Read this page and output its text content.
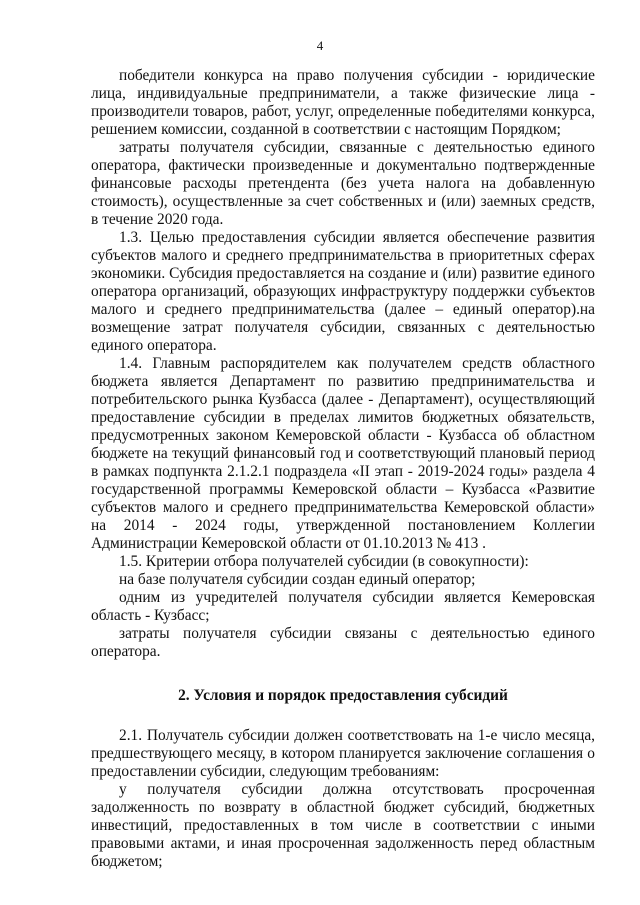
4

победители конкурса на право получения субсидии - юридические лица, индивидуальные предприниматели, а также физические лица - производители товаров, работ, услуг, определенные победителями конкурса, решением комиссии, созданной в соответствии с настоящим Порядком;

затраты получателя субсидии, связанные с деятельностью единого оператора, фактически произведенные и документально подтвержденные финансовые расходы претендента (без учета налога на добавленную стоимость), осуществленные за счет собственных и (или) заемных средств, в течение 2020 года.

1.3. Целью предоставления субсидии является обеспечение развития субъектов малого и среднего предпринимательства в приоритетных сферах экономики. Субсидия предоставляется на создание и (или) развитие единого оператора организаций, образующих инфраструктуру поддержки субъектов малого и среднего предпринимательства (далее – единый оператор).на возмещение затрат получателя субсидии, связанных с деятельностью единого оператора.

1.4. Главным распорядителем как получателем средств областного бюджета является Департамент по развитию предпринимательства и потребительского рынка Кузбасса (далее - Департамент), осуществляющий предоставление субсидии в пределах лимитов бюджетных обязательств, предусмотренных законом Кемеровской области - Кузбасса об областном бюджете на текущий финансовый год и соответствующий плановый период в рамках подпункта 2.1.2.1 подраздела «II этап - 2019-2024 годы» раздела 4 государственной программы Кемеровской области – Кузбасса «Развитие субъектов малого и среднего предпринимательства Кемеровской области» на 2014 - 2024 годы, утвержденной постановлением Коллегии Администрации Кемеровской области от 01.10.2013 № 413 .

1.5. Критерии отбора получателей субсидии (в совокупности):

на базе получателя субсидии создан единый оператор;

одним из учредителей получателя субсидии является Кемеровская область - Кузбасс;

затраты получателя субсидии связаны с деятельностью единого оператора.

2. Условия и порядок предоставления субсидий

2.1. Получатель субсидии должен соответствовать на 1-е число месяца, предшествующего месяцу, в котором планируется заключение соглашения о предоставлении субсидии, следующим требованиям:

у получателя субсидии должна отсутствовать просроченная задолженность по возврату в областной бюджет субсидий, бюджетных инвестиций, предоставленных в том числе в соответствии с иными правовыми актами, и иная просроченная задолженность перед областным бюджетом;
